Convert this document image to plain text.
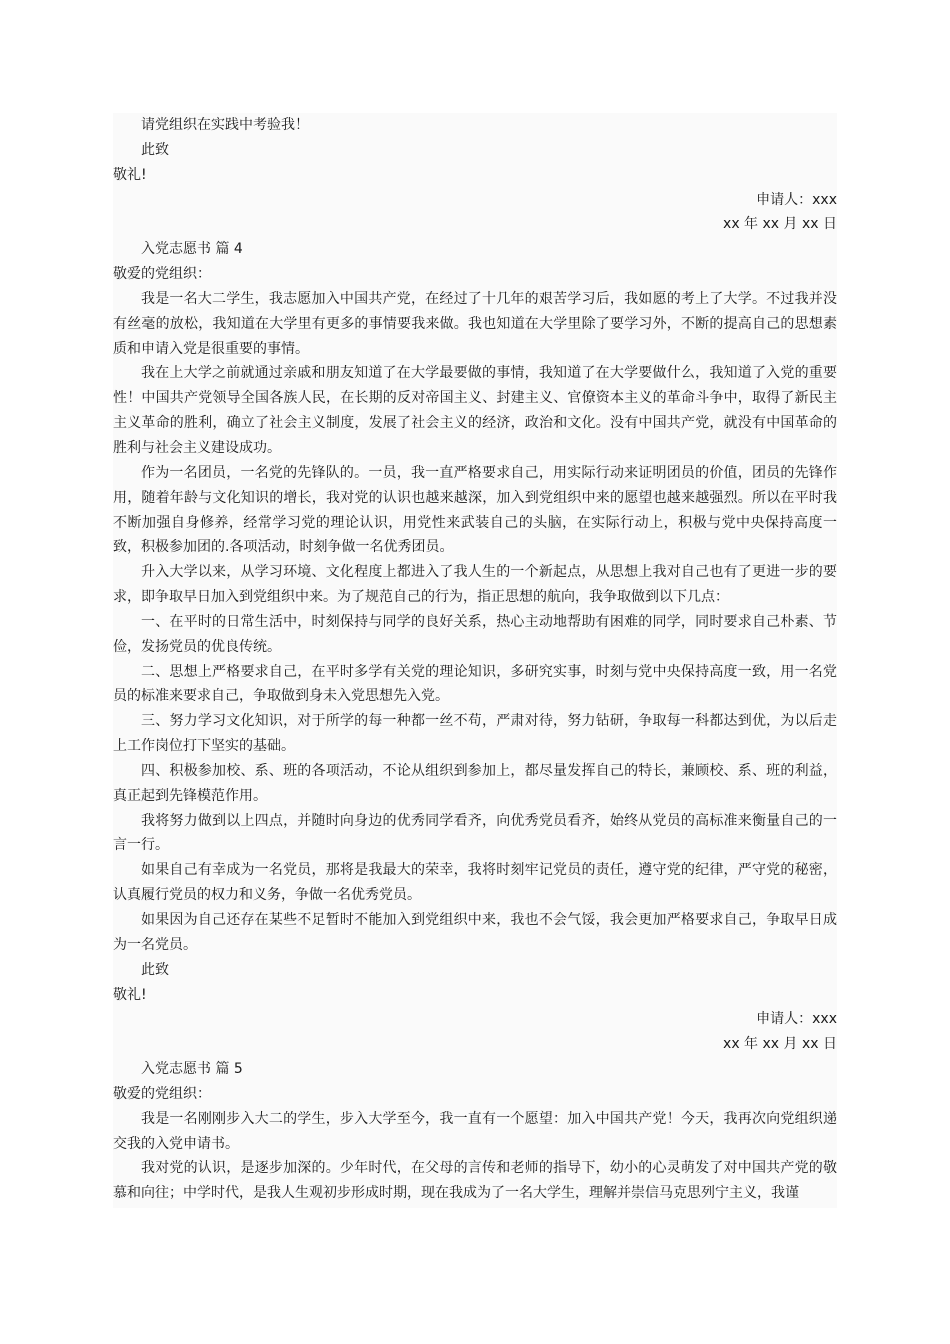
请党组织在实践中考验我！
此致
敬礼!
申请人：xxx
xx 年 xx 月 xx 日
入党志愿书 篇 4
敬爱的党组织：
我是一名大二学生，我志愿加入中国共产党，在经过了十几年的艰苦学习后，我如愿的考上了大学。不过我并没有丝毫的放松，我知道在大学里有更多的事情要我来做。我也知道在大学里除了要学习外，不断的提高自己的思想素质和申请入党是很重要的事情。
我在上大学之前就通过亲戚和朋友知道了在大学最要做的事情，我知道了在大学要做什么，我知道了入党的重要性！中国共产党领导全国各族人民，在长期的反对帝国主义、封建主义、官僚资本主义的革命斗争中，取得了新民主主义革命的胜利，确立了社会主义制度，发展了社会主义的经济，政治和文化。没有中国共产党，就没有中国革命的胜利与社会主义建设成功。
作为一名团员，一名党的先锋队的。一员，我一直严格要求自己，用实际行动来证明团员的价值，团员的先锋作用，随着年龄与文化知识的增长，我对党的认识也越来越深，加入到党组织中来的愿望也越来越强烈。所以在平时我不断加强自身修养，经常学习党的理论认识，用党性来武装自己的头脑，在实际行动上，积极与党中央保持高度一致，积极参加团的.各项活动，时刻争做一名优秀团员。
升入大学以来，从学习环境、文化程度上都进入了我人生的一个新起点，从思想上我对自己也有了更进一步的要求，即争取早日加入到党组织中来。为了规范自己的行为，指正思想的航向，我争取做到以下几点：
一、在平时的日常生活中，时刻保持与同学的良好关系，热心主动地帮助有困难的同学，同时要求自己朴素、节俭，发扬党员的优良传统。
二、思想上严格要求自己，在平时多学有关党的理论知识，多研究实事，时刻与党中央保持高度一致，用一名党员的标准来要求自己，争取做到身未入党思想先入党。
三、努力学习文化知识，对于所学的每一种都一丝不苟，严肃对待，努力钻研，争取每一科都达到优，为以后走上工作岗位打下坚实的基础。
四、积极参加校、系、班的各项活动，不论从组织到参加上，都尽量发挥自己的特长，兼顾校、系、班的利益，真正起到先锋模范作用。
我将努力做到以上四点，并随时向身边的优秀同学看齐，向优秀党员看齐，始终从党员的高标准来衡量自己的一言一行。
如果自己有幸成为一名党员，那将是我最大的荣幸，我将时刻牢记党员的责任，遵守党的纪律，严守党的秘密，认真履行党员的权力和义务，争做一名优秀党员。
如果因为自己还存在某些不足暂时不能加入到党组织中来，我也不会气馁，我会更加严格要求自己，争取早日成为一名党员。
此致
敬礼!
申请人：xxx
xx 年 xx 月 xx 日
入党志愿书 篇 5
敬爱的党组织：
我是一名刚刚步入大二的学生，步入大学至今，我一直有一个愿望：加入中国共产党！今天，我再次向党组织递交我的入党申请书。
我对党的认识，是逐步加深的。少年时代，在父母的言传和老师的指导下，幼小的心灵萌发了对中国共产党的敬慕和向往；中学时代，是我人生观初步形成时期，现在我成为了一名大学生，理解并崇信马克思列宁主义，我谨
